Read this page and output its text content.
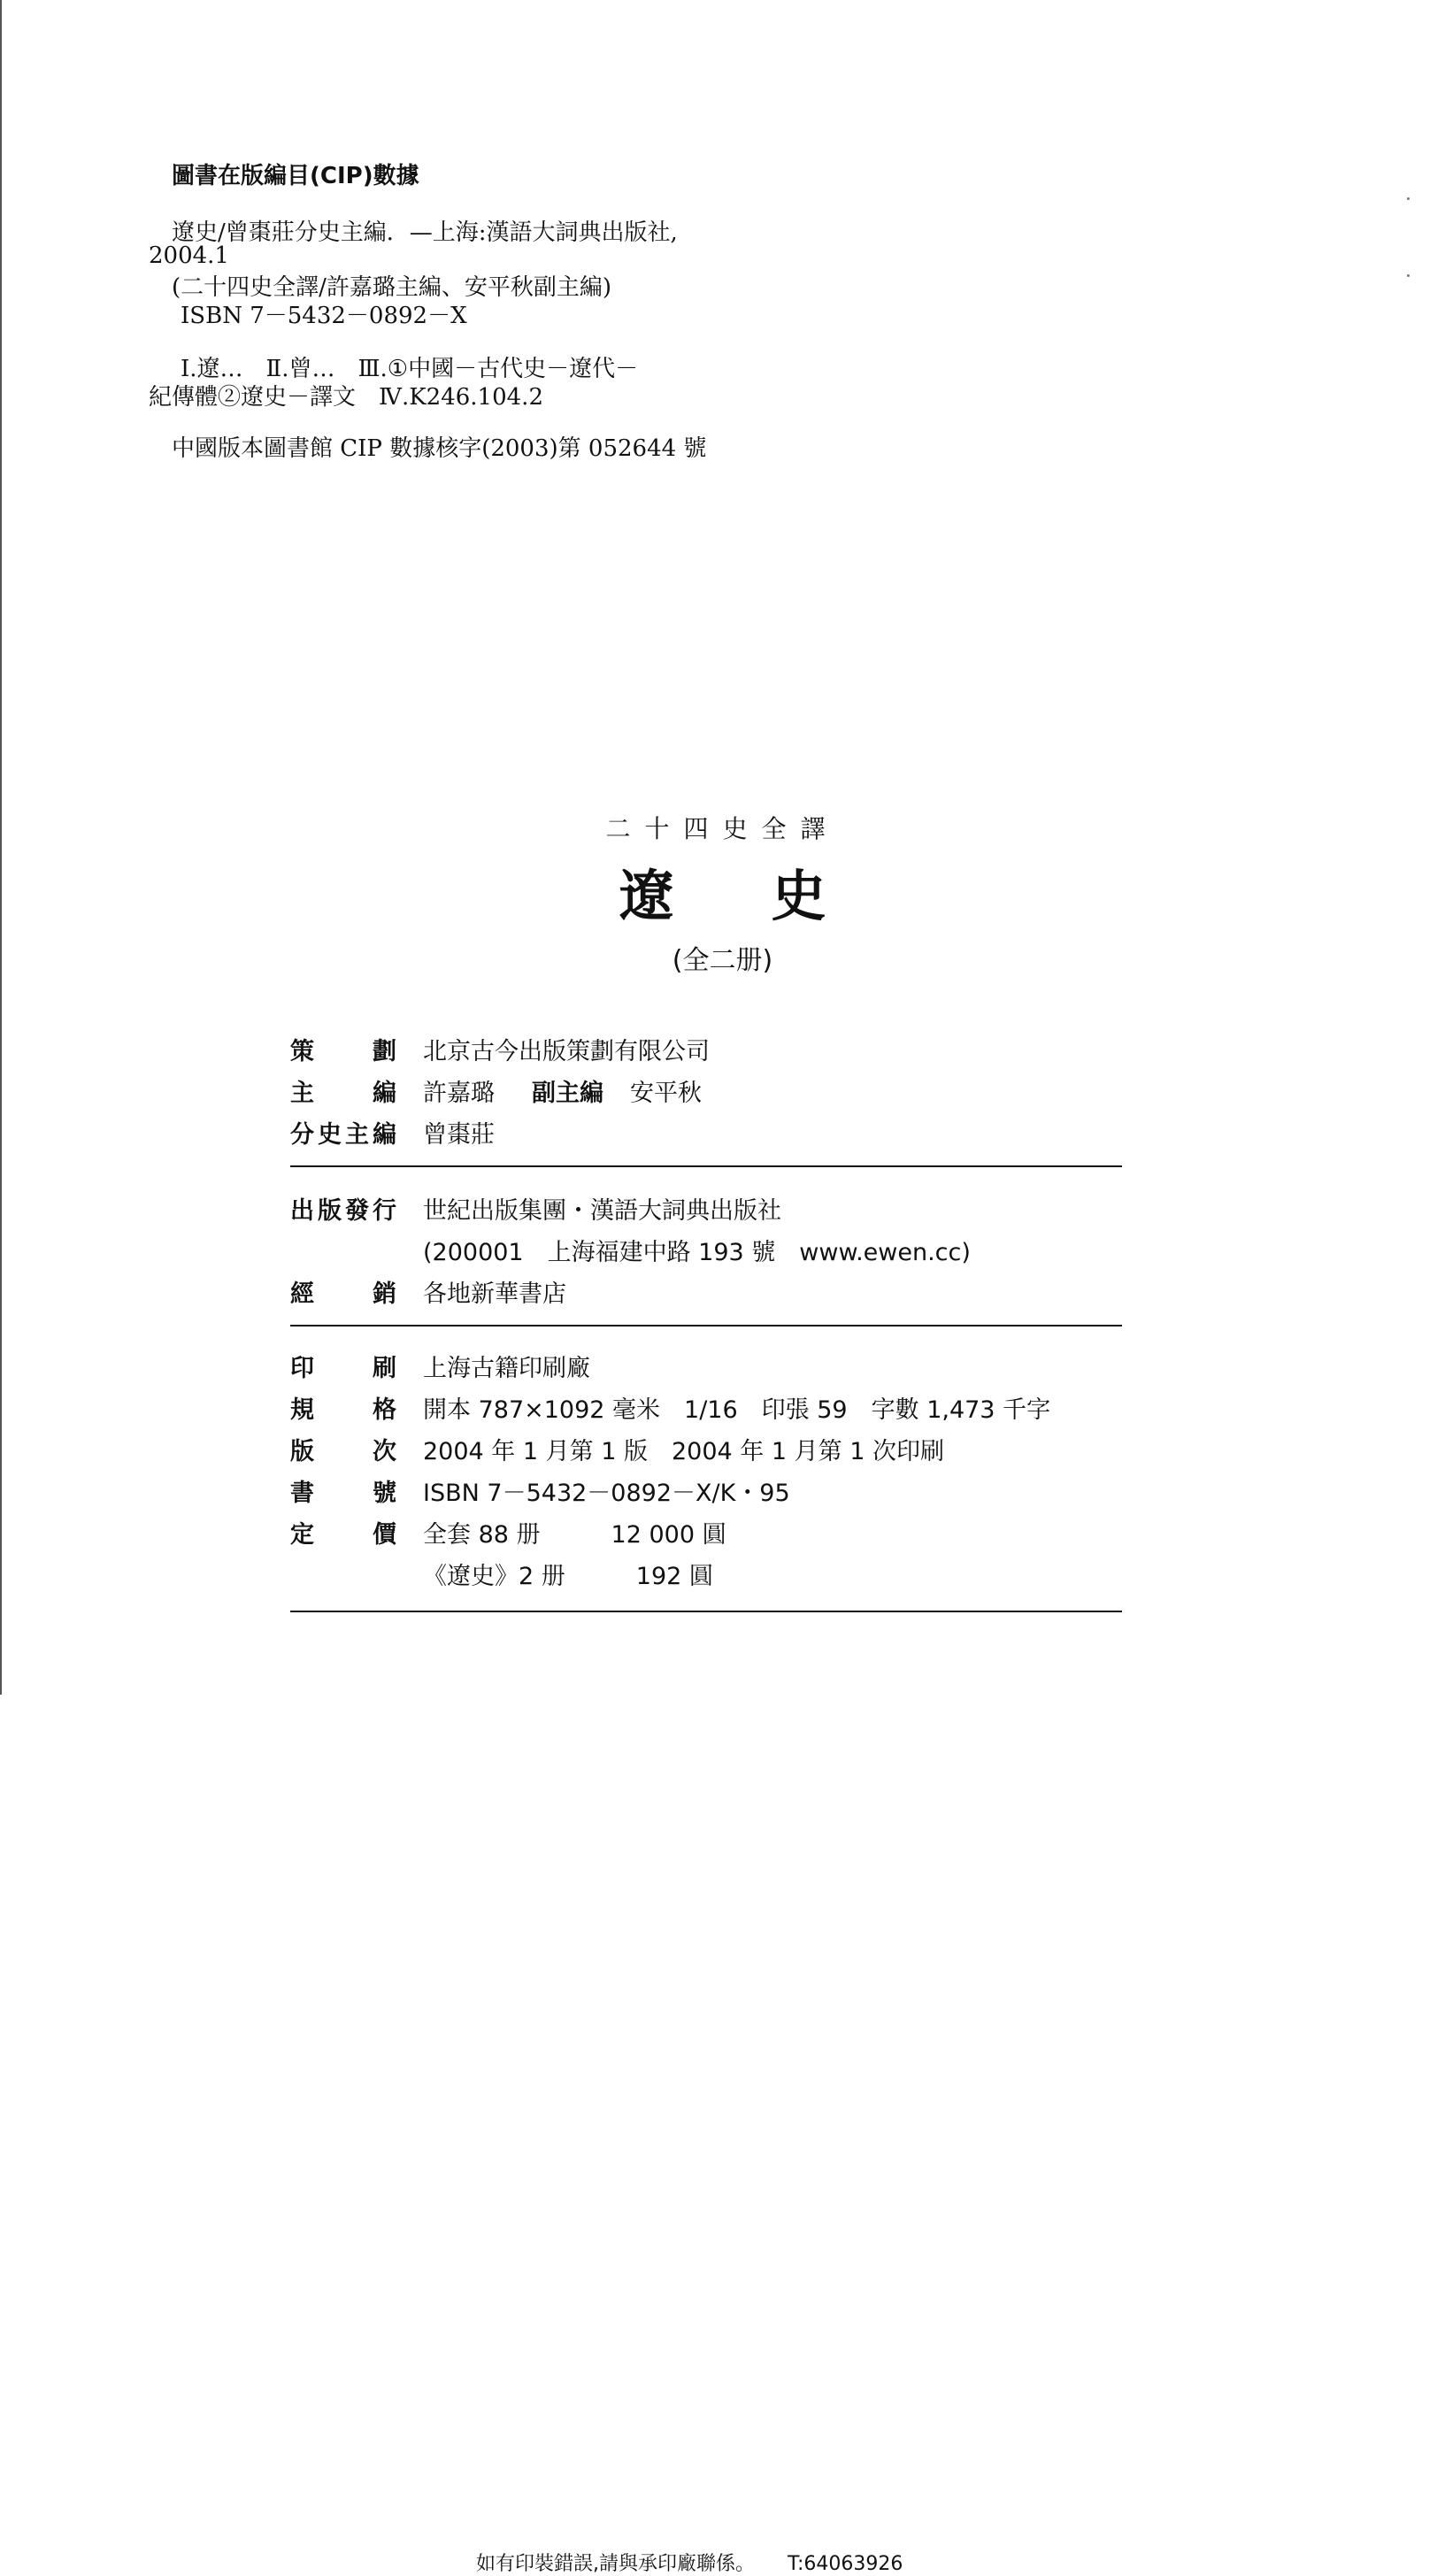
圖書在版編目(CIP)數據
遼史/曾棗莊分史主編．—上海:漢語大詞典出版社,
2004.1
(二十四史全譯/許嘉璐主編、安平秋副主編)
ISBN 7－5432－0892－X
Ⅰ.遼…　Ⅱ.曾…　Ⅲ.①中國－古代史－遼代－
紀傳體②遼史－譯文　Ⅳ.K246.104.2
中國版本圖書館 CIP 數據核字(2003)第 052644 號
二十四史全譯
遼史
(全二册)
策劃 北京古今出版策劃有限公司
主編 許嘉璐 副主編 安平秋
分史主編 曾棗莊
出版發行 世紀出版集團・漢語大詞典出版社
(200001　上海福建中路 193 號　www.ewen.cc)
經銷 各地新華書店
印刷 上海古籍印刷廠
規格 開本 787×1092 毫米　1/16　印張 59　字數 1,473 千字
版次 2004 年 1 月第 1 版　2004 年 1 月第 1 次印刷
書號 ISBN 7－5432－0892－X/K・95
定價 全套 88 册	12 000 圓
《遼史》2 册	192 圓
如有印裝錯誤,請與承印廠聯係。 T:64063926
